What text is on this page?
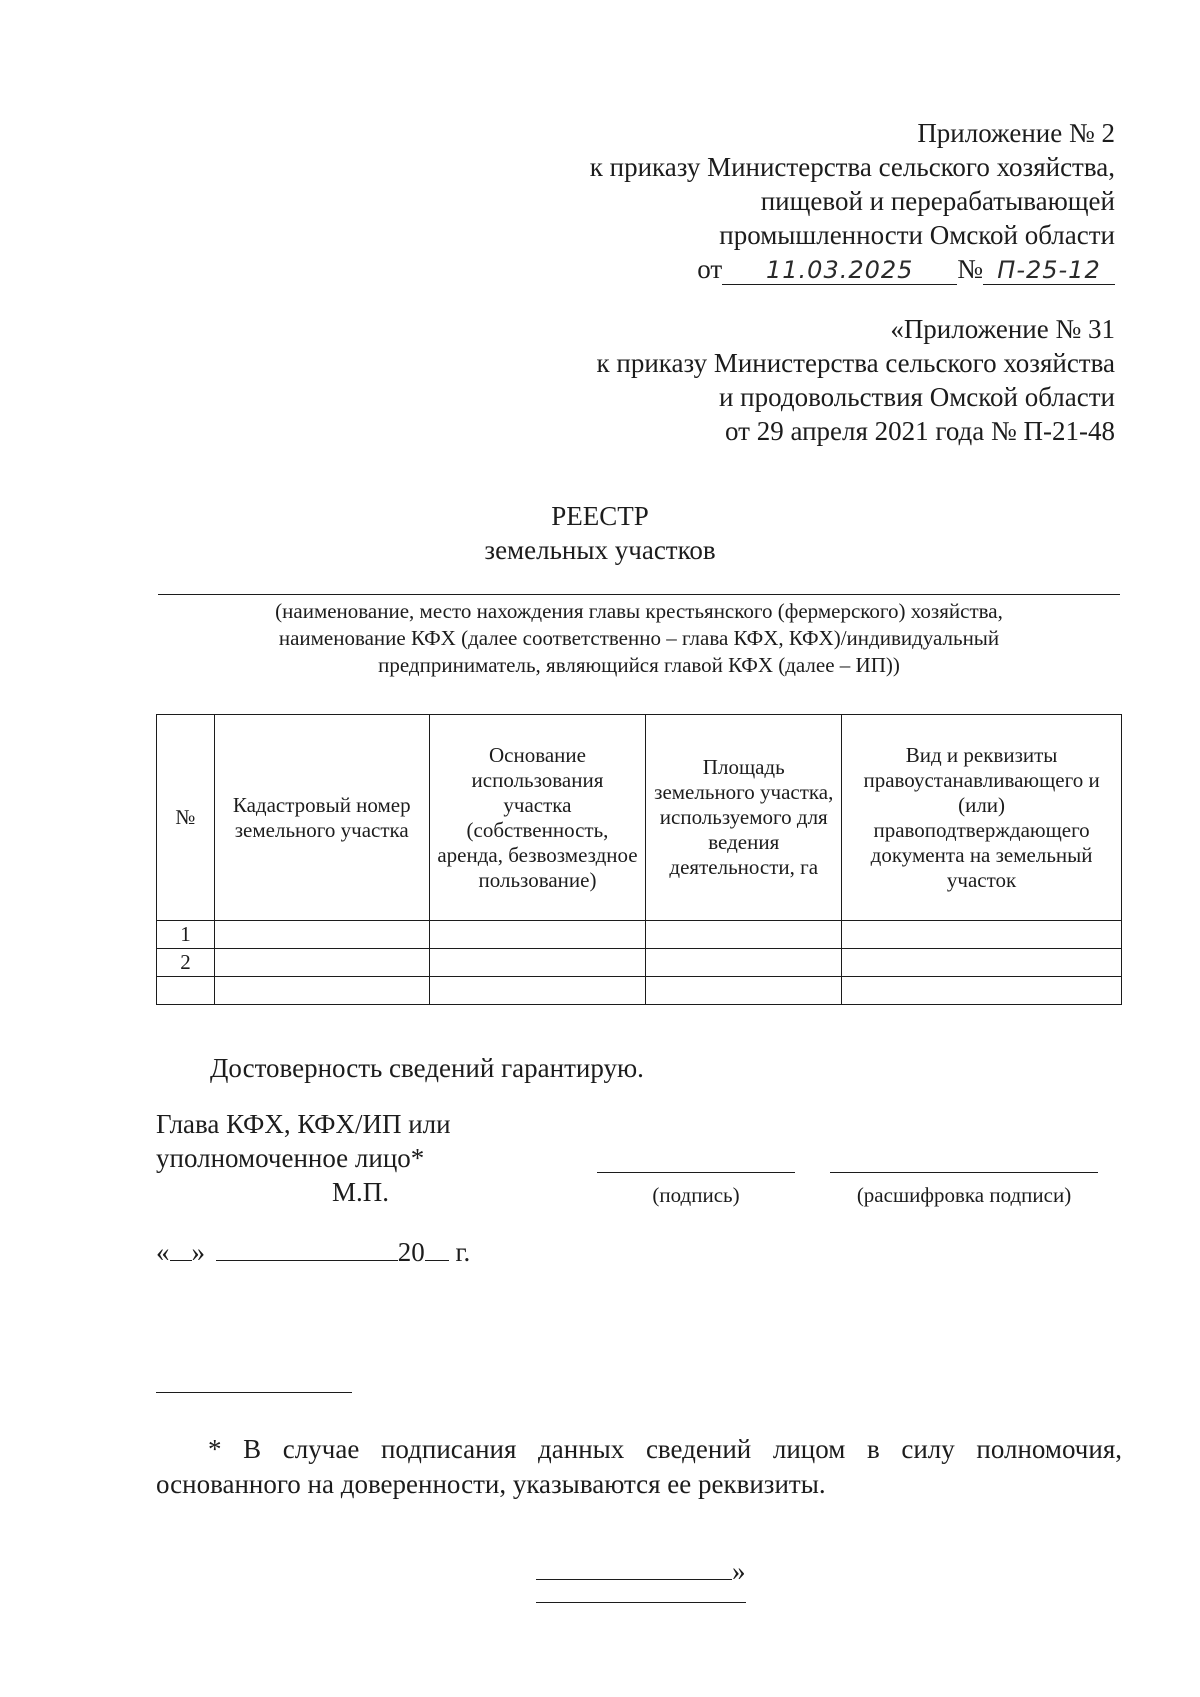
Приложение № 2
к приказу Министерства сельского хозяйства,
пищевой и перерабатывающей
промышленности Омской области
от 11.03.2025 № П-25-12
«Приложение № 31
к приказу Министерства сельского хозяйства
и продовольствия Омской области
от 29 апреля 2021 года № П-21-48
РЕЕСТР
земельных участков
(наименование, место нахождения главы крестьянского (фермерского) хозяйства,
наименование КФХ (далее соответственно – глава КФХ, КФХ)/индивидуальный
предприниматель, являющийся главой КФХ (далее – ИП))
№	Кадастровый номер земельного участка	Основание использования участка (собственность, аренда, безвозмездное пользование)	Площадь земельного участка, используемого для ведения деятельности, га	Вид и реквизиты правоустанавливающего и (или) правоподтверждающего документа на земельный участок
1				
2				

Достоверность сведений гарантирую.
Глава КФХ, КФХ/ИП или
уполномоченное лицо*
М.П.	(подпись)	(расшифровка подписи)
« »	20 г.
* В случае подписания данных сведений лицом в силу полномочия, основанного на доверенности, указываются ее реквизиты.
»
